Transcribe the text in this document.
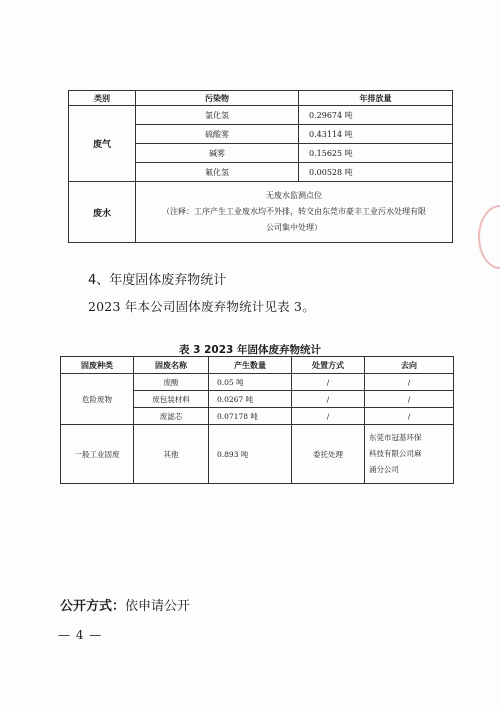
类别	污染物	年排放量
废气	氯化氢	0.29674 吨
	硫酸雾	0.43114 吨
	碱雾	0.15625 吨
	氟化氢	0.00528 吨
废水	无废水监测点位
（注释：工序产生工业废水均不外排，转交由东莞市豪丰工业污水处理有限
公司集中处理）	
4、年度固体废弃物统计
2023 年本公司固体废弃物统计见表 3。
表 3 2023 年固体废弃物统计
固废种类	固废名称	产生数量	处置方式	去向
危险废物	废酸	0.05 吨	/	/
	废包装材料	0.0267 吨	/	/
	废滤芯	0.07178 吨	/	/
一般工业固废	其他	0.893 吨	委托处理	东莞市冠基环保
科技有限公司麻
涌分公司
公开方式：依申请公开
— 4 —
